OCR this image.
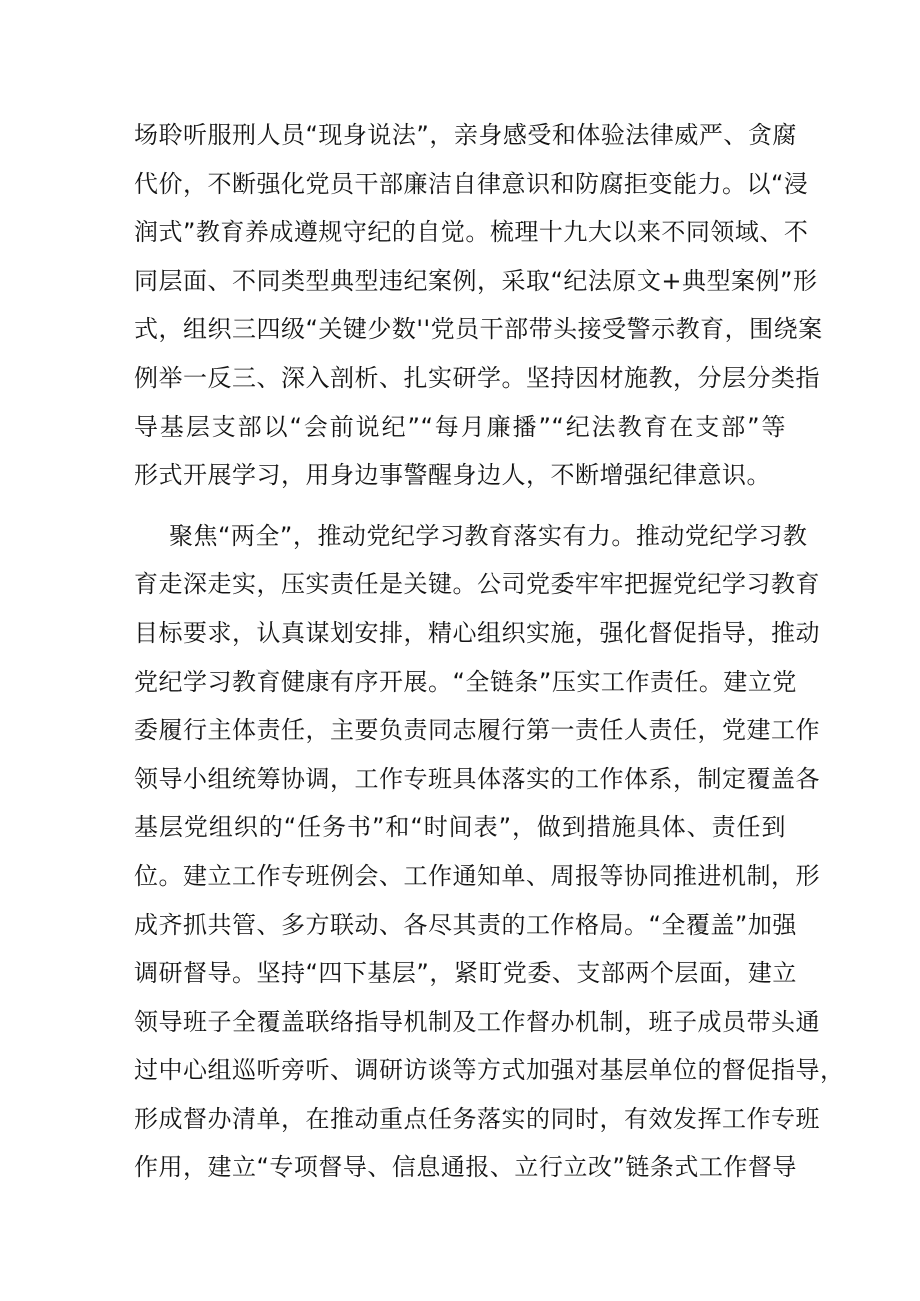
场聆听服刑人员“现身说法”，亲身感受和体验法律威严、贪腐
代价，不断强化党员干部廉洁自律意识和防腐拒变能力。以“浸
润式”教育养成遵规守纪的自觉。梳理十九大以来不同领域、不
同层面、不同类型典型违纪案例，采取“纪法原文+典型案例”形
式，组织三四级“关键少数''党员干部带头接受警示教育，围绕案
例举一反三、深入剖析、扎实研学。坚持因材施教，分层分类指
导基层支部以“会前说纪”“每月廉播”“纪法教育在支部”等
形式开展学习，用身边事警醒身边人，不断增强纪律意识。
聚焦“两全”，推动党纪学习教育落实有力。推动党纪学习教
育走深走实，压实责任是关键。公司党委牢牢把握党纪学习教育
目标要求，认真谋划安排，精心组织实施，强化督促指导，推动
党纪学习教育健康有序开展。“全链条”压实工作责任。建立党
委履行主体责任，主要负责同志履行第一责任人责任，党建工作
领导小组统筹协调，工作专班具体落实的工作体系，制定覆盖各
基层党组织的“任务书”和“时间表”，做到措施具体、责任到
位。建立工作专班例会、工作通知单、周报等协同推进机制，形
成齐抓共管、多方联动、各尽其责的工作格局。“全覆盖”加强
调研督导。坚持“四下基层”，紧盯党委、支部两个层面，建立
领导班子全覆盖联络指导机制及工作督办机制，班子成员带头通
过中心组巡听旁听、调研访谈等方式加强对基层单位的督促指导，
形成督办清单，在推动重点任务落实的同时，有效发挥工作专班
作用，建立“专项督导、信息通报、立行立改”链条式工作督导
